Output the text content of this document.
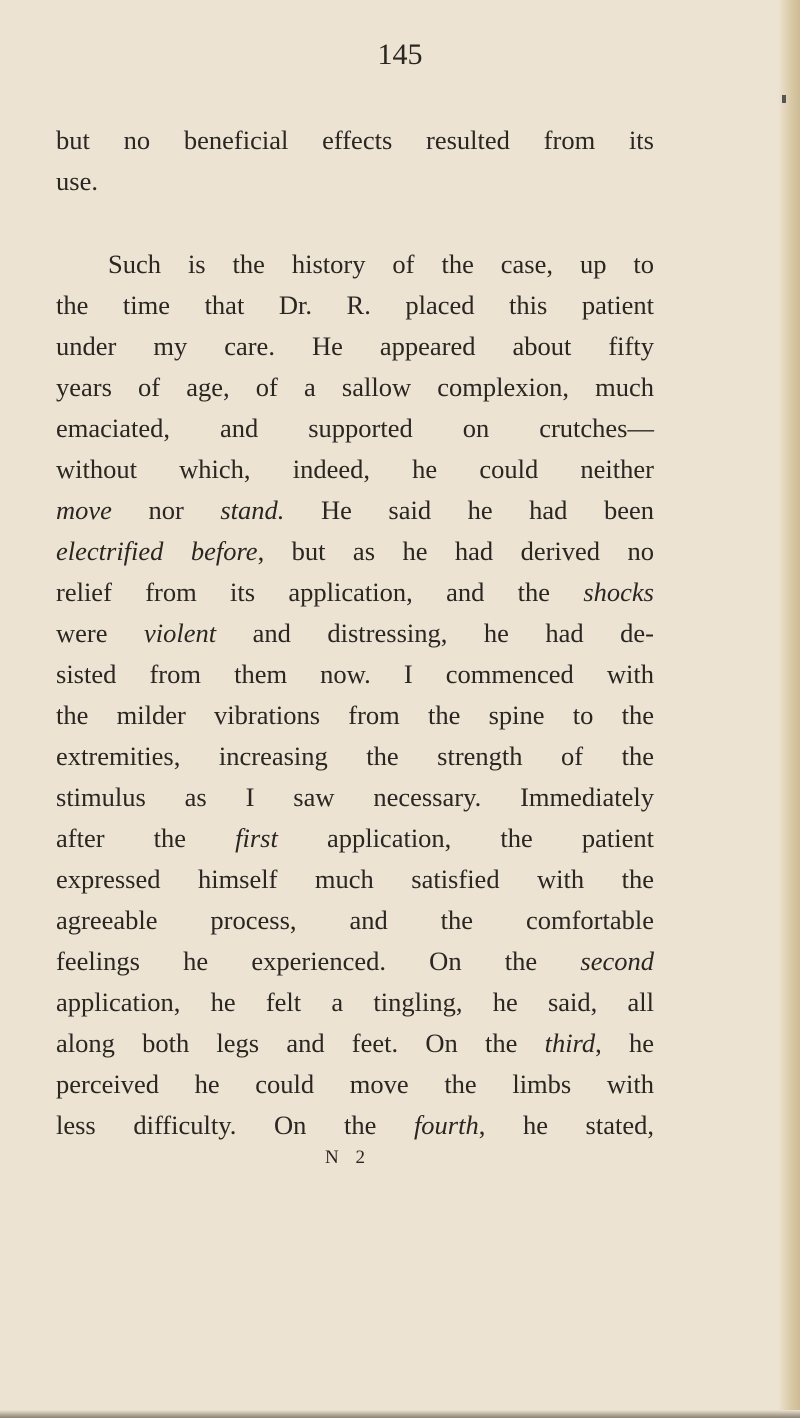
145
but no beneficial effects resulted from its
use.
Such is the history of the case, up to
the time that Dr. R. placed this patient
under my care. He appeared about fifty
years of age, of a sallow complexion, much
emaciated, and supported on crutches—
without which, indeed, he could neither
move nor stand. He said he had been
electrified before, but as he had derived no
relief from its application, and the shocks
were violent and distressing, he had de-
sisted from them now. I commenced with
the milder vibrations from the spine to the
extremities, increasing the strength of the
stimulus as I saw necessary. Immediately
after the first application, the patient
expressed himself much satisfied with the
agreeable process, and the comfortable
feelings he experienced. On the second
application, he felt a tingling, he said, all
along both legs and feet. On the third, he
perceived he could move the limbs with
less difficulty. On the fourth, he stated,
N 2
